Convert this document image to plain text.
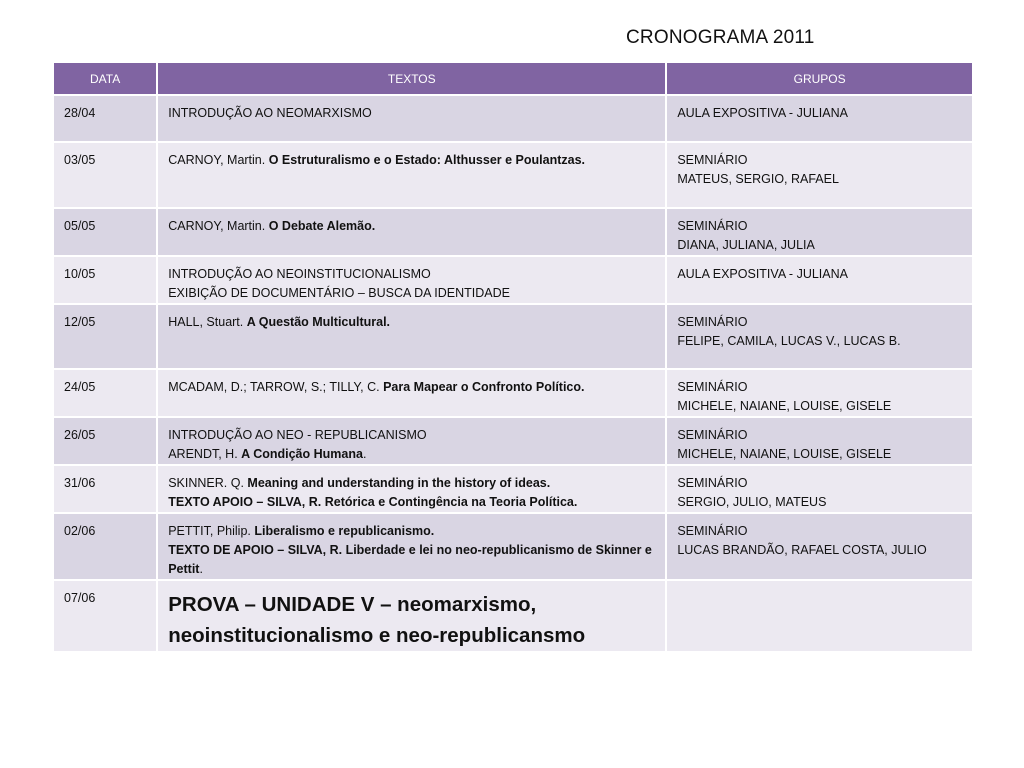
CRONOGRAMA 2011
DATA	TEXTOS	GRUPOS
28/04	INTRODUÇÃO AO NEOMARXISMO	AULA EXPOSITIVA - JULIANA
03/05	CARNOY, Martin. O Estruturalismo e o Estado: Althusser e Poulantzas.	SEMNIÁRIO
MATEUS, SERGIO, RAFAEL
05/05	CARNOY, Martin. O Debate Alemão.	SEMINÁRIO
DIANA, JULIANA, JULIA
10/05	INTRODUÇÃO AO NEOINSTITUCIONALISMO
EXIBIÇÃO DE DOCUMENTÁRIO – BUSCA DA IDENTIDADE	AULA EXPOSITIVA - JULIANA
12/05	HALL, Stuart. A Questão Multicultural.	SEMINÁRIO
FELIPE, CAMILA, LUCAS V., LUCAS B.
24/05	MCADAM, D.; TARROW, S.; TILLY, C. Para Mapear o Confronto Político.	SEMINÁRIO
MICHELE, NAIANE, LOUISE, GISELE
26/05	INTRODUÇÃO AO NEO - REPUBLICANISMO
ARENDT, H. A Condição Humana.	SEMINÁRIO
MICHELE, NAIANE, LOUISE, GISELE
31/06	SKINNER. Q. Meaning and understanding in the history of ideas.
TEXTO APOIO – SILVA, R. Retórica e Contingência na Teoria Política.	SEMINÁRIO
SERGIO, JULIO, MATEUS
02/06	PETTIT, Philip. Liberalismo e republicanismo.
TEXTO DE APOIO – SILVA, R. Liberdade e lei no neo-republicanismo de Skinner e Pettit.	SEMINÁRIO
LUCAS BRANDÃO, RAFAEL COSTA, JULIO
07/06	PROVA – UNIDADE V – neomarxismo, neoinstitucionalismo e neo-republicansmo	
